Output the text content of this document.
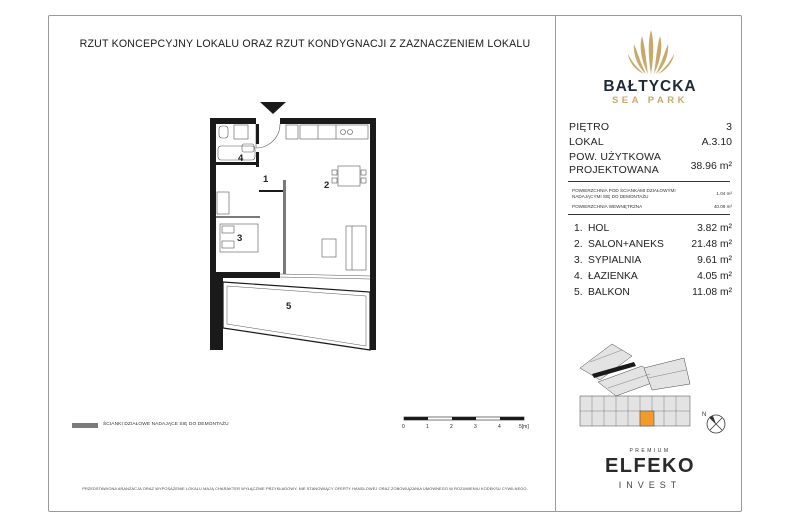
RZUT KONCEPCYJNY LOKALU ORAZ RZUT KONDYGNACJI Z ZAZNACZENIEM LOKALU
BAŁTYCKA
SEA PARK
PIĘTRO	3
LOKAL	A.3.10
POW. UŻYTKOWA
PROJEKTOWANA	38.96 m²
POWIERZCHNIA POD ŚCIANKAMI DZIAŁOWYMI
NADAJĄCYMI SIĘ DO DEMONTAŻU
1.04 m²
POWIERZCHNIA WEWNĘTRZNA	40.09 m²
1. HOL	3.82 m²
2. SALON+ANEKS	21.48 m²
3. SYPIALNIA	9.61 m²
4. ŁAZIENKA	4.05 m²
5. BALKON	11.08 m²
4
1
2
3
5
ŚCIANKI DZIAŁOWE NADAJĄCE SIĘ DO DEMONTAŻU	0	1	2	3	4	5[m]
N
PRZEDSTAWIONA ARANŻACJA ORAZ WYPOSAŻENIE LOKALU MAJĄ CHARAKTER WYŁĄCZNIE PRZYKŁADOWY, NIE STANOWIĄCY OFERTY HANDLOWEJ ORAZ ZOBOWIĄZANIA UMOWNEGO W ROZUMIENIU KODEKSU CYWILNEGO.
PREMIUM
ELFEKO
INVEST
